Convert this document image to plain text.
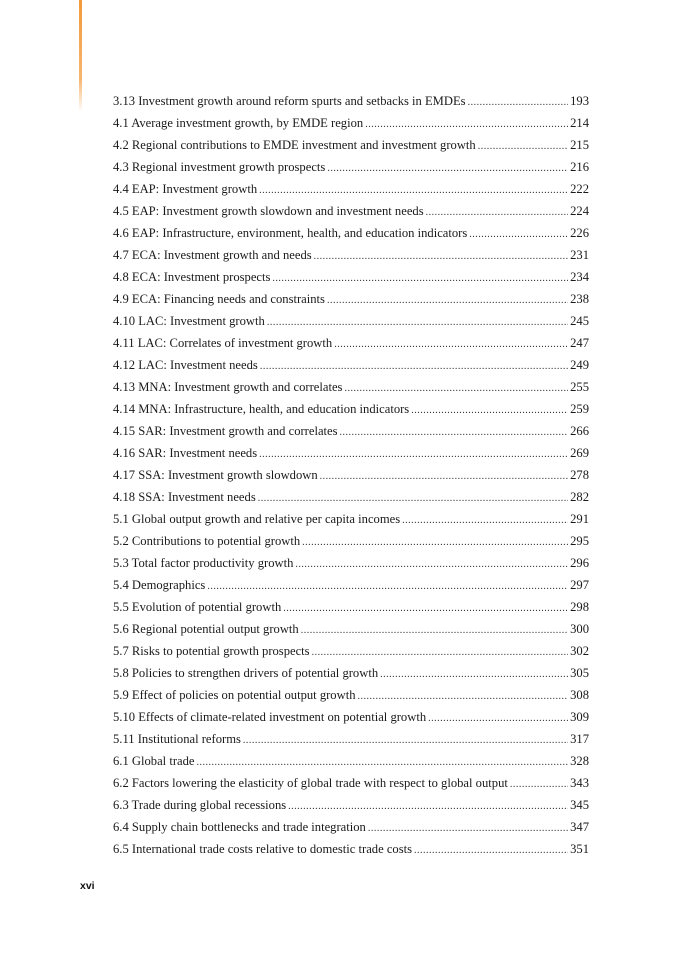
3.13 Investment growth around reform spurts and setbacks in EMDEs .....	193
4.1 Average investment growth, by EMDE region .....	214
4.2 Regional contributions to EMDE investment and investment growth .....	215
4.3 Regional investment growth prospects .....	216
4.4 EAP: Investment growth .....	222
4.5 EAP: Investment growth slowdown and investment needs .....	224
4.6 EAP: Infrastructure, environment, health, and education indicators .....	226
4.7 ECA: Investment growth and needs .....	231
4.8 ECA: Investment prospects .....	234
4.9 ECA: Financing needs and constraints .....	238
4.10 LAC: Investment growth .....	245
4.11 LAC: Correlates of investment growth .....	247
4.12 LAC: Investment needs .....	249
4.13 MNA: Investment growth and correlates .....	255
4.14 MNA: Infrastructure, health, and education indicators .....	259
4.15 SAR: Investment growth and correlates .....	266
4.16 SAR: Investment needs .....	269
4.17 SSA: Investment growth slowdown .....	278
4.18 SSA: Investment needs .....	282
5.1 Global output growth and relative per capita incomes .....	291
5.2 Contributions to potential growth .....	295
5.3 Total factor productivity growth .....	296
5.4 Demographics .....	297
5.5 Evolution of potential growth .....	298
5.6 Regional potential output growth .....	300
5.7 Risks to potential growth prospects .....	302
5.8 Policies to strengthen drivers of potential growth .....	305
5.9 Effect of policies on potential output growth .....	308
5.10 Effects of climate-related investment on potential growth .....	309
5.11 Institutional reforms .....	317
6.1 Global trade .....	328
6.2 Factors lowering the elasticity of global trade with respect to global output .....	343
6.3 Trade during global recessions .....	345
6.4 Supply chain bottlenecks and trade integration .....	347
6.5 International trade costs relative to domestic trade costs .....	351
xvi
